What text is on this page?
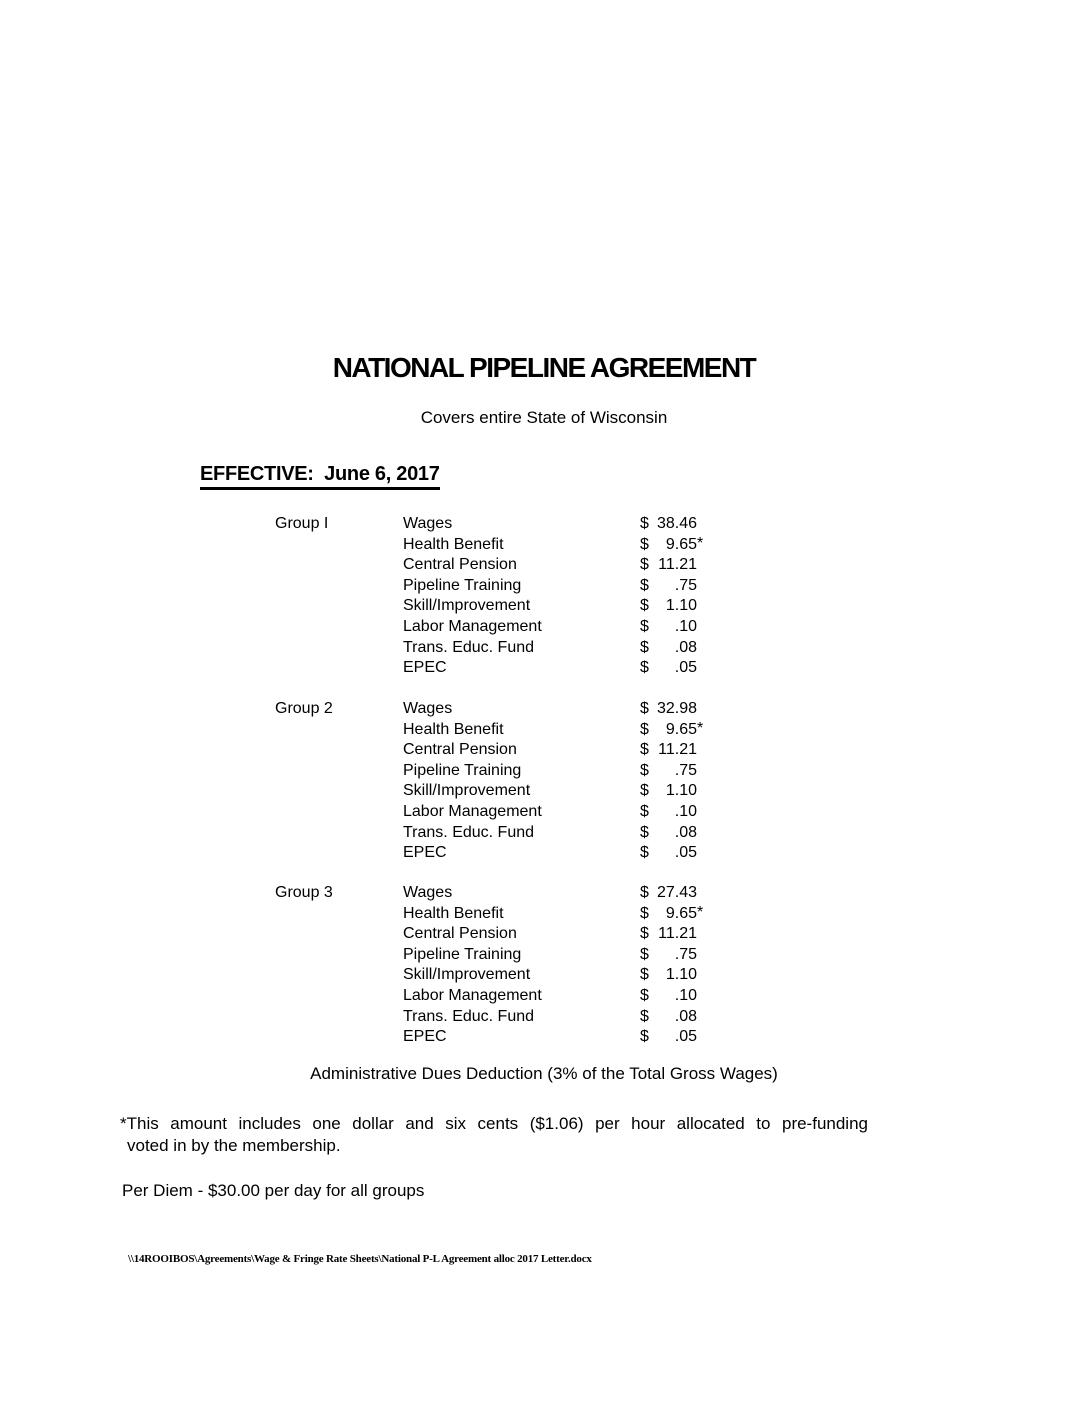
NATIONAL PIPELINE AGREEMENT
Covers entire State of Wisconsin
EFFECTIVE:  June 6, 2017
Group I	Wages	$ 38.46
Health Benefit	$ 9.65 *
Central Pension	$ 11.21
Pipeline Training	$ .75
Skill/Improvement	$ 1.10
Labor Management	$ .10
Trans. Educ. Fund	$ .08
EPEC	$ .05
Group 2	Wages	$ 32.98
Health Benefit	$ 9.65 *
Central Pension	$ 11.21
Pipeline Training	$ .75
Skill/Improvement	$ 1.10
Labor Management	$ .10
Trans. Educ. Fund	$ .08
EPEC	$ .05
Group 3	Wages	$ 27.43
Health Benefit	$ 9.65 *
Central Pension	$ 11.21
Pipeline Training	$ .75
Skill/Improvement	$ 1.10
Labor Management	$ .10
Trans. Educ. Fund	$ .08
EPEC	$ .05
Administrative Dues Deduction (3% of the Total Gross Wages)
*This amount includes one dollar and six cents ($1.06) per hour allocated to pre-funding
voted in by the membership.
Per Diem - $30.00 per day for all groups
\\14ROOIBOS\Agreements\Wage & Fringe Rate Sheets\National P-L Agreement alloc 2017 Letter.docx
